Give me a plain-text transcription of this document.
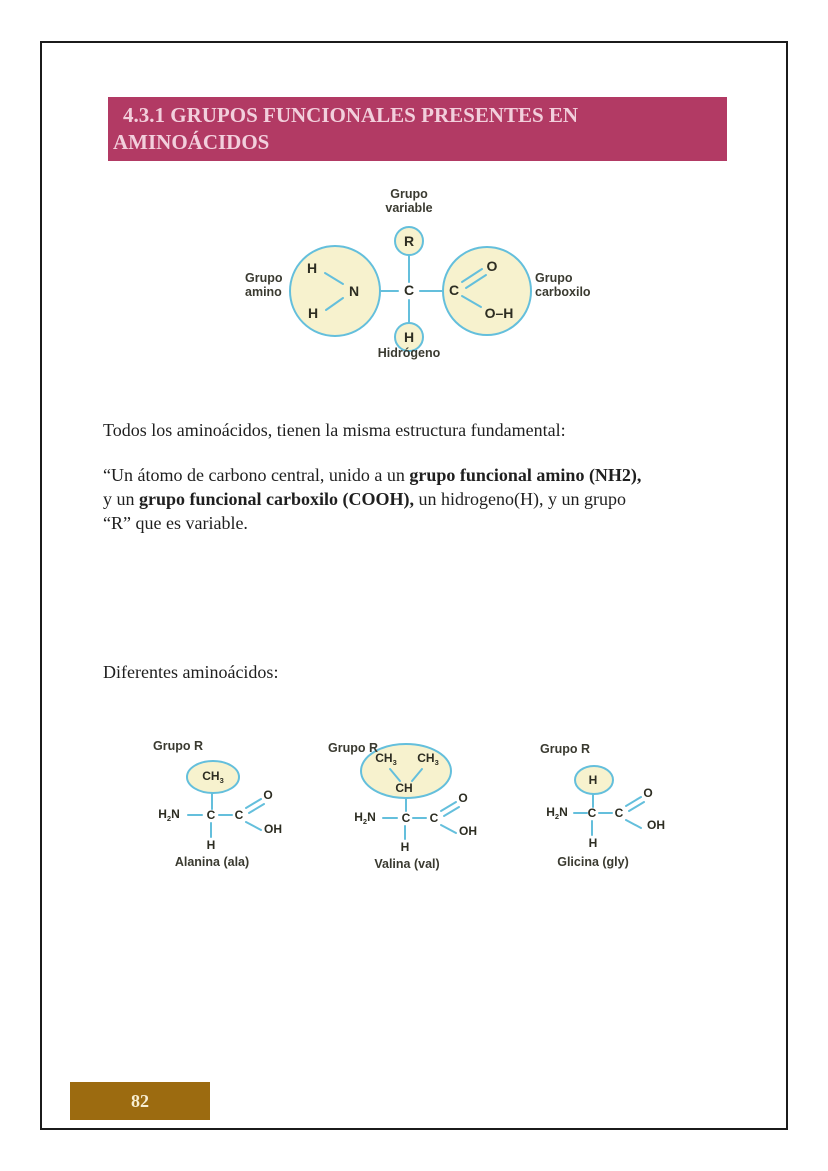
4.3.1 GRUPOS FUNCIONALES PRESENTES EN
AMINOÁCIDOS
Grupo
variable
Grupo
amino
Grupo
carboxilo
Hidrógeno
R
H
N
H
C C
O
O–H
H
Todos los aminoácidos, tienen la misma estructura fundamental:
“Un átomo de carbono central, unido a un grupo funcional amino (NH2),
y un grupo funcional carboxilo (COOH), un hidrogeno(H), y un grupo
“R” que es variable.
Diferentes aminoácidos:
Grupo R
$CH_3$
$H_2N$ C C
O
OH
H
Alanina (ala)
Grupo R
$CH_3$ $CH_3$
CH
$H_2N$ C C
O
OH
H
Valina (val)
Grupo R
H
$H_2N$ C C
O
OH
H
Glicina (gly)
82
